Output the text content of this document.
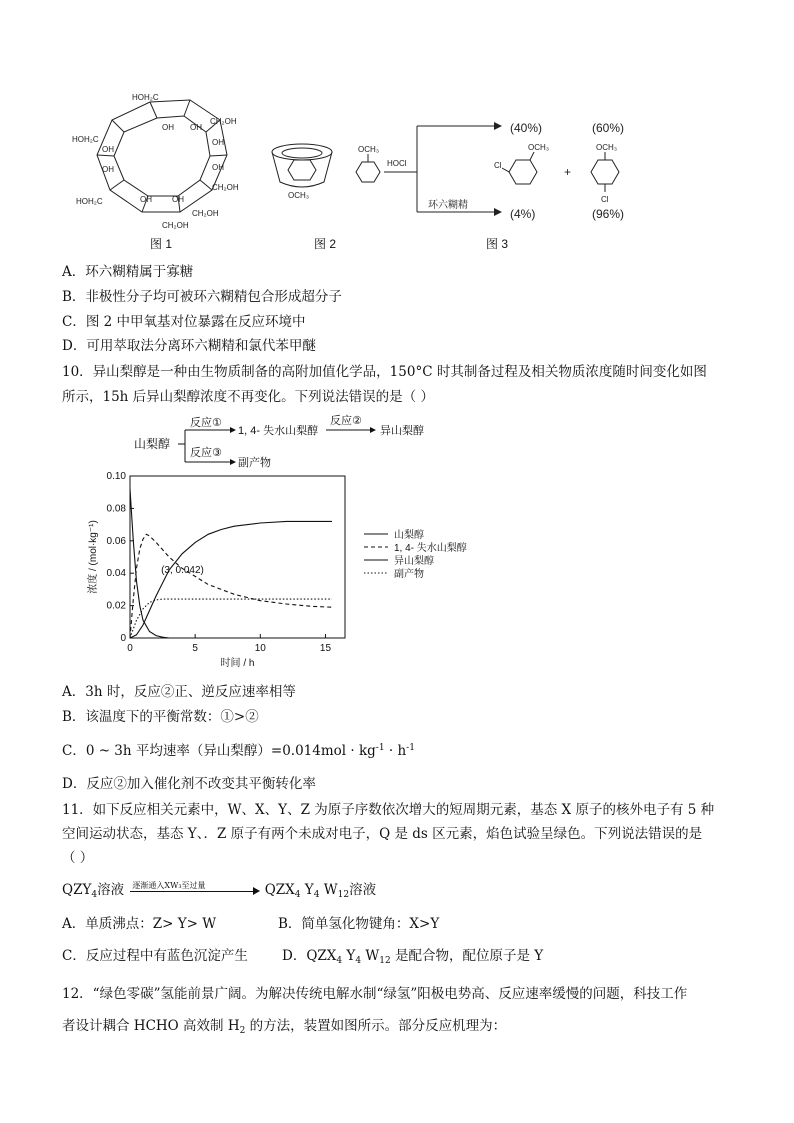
HOH₂C
OH OH
CH₂OH
OH
OH
HOH₂C
OH
OH
CH₂OH
HOH₂C	OH	OH
CH₂OH
CH₂OH
图 1
OCH₃
图 2
OCH₃
HOCl
环六糊精
(40%)	(60%)
(4%)	(96%)
OCH₃
Cl	+
OCH₃
Cl
图 3
A．环六糊精属于寡糖
B．非极性分子均可被环六糊精包合形成超分子
C．图 2 中甲氧基对位暴露在反应环境中
D．可用萃取法分离环六糊精和氯代苯甲醚
10．异山梨醇是一种由生物质制备的高附加值化学品，150°C 时其制备过程及相关物质浓度随时间变化如图
所示，15h 后异山梨醇浓度不再变化。下列说法错误的是（ ）
山梨醇
反应①
1, 4- 失水山梨醇
反应②
异山梨醇
反应③
副产物
0	5	10	15
0
0.02
0.04
0.06
0.08
0.10
山梨醇
1, 4- 失水山梨醇
异山梨醇
副产物
(3, 0.042)
时间 / h
浓度 / (mol·kg⁻¹)
A．3h 时，反应②正、逆反应速率相等
B．该温度下的平衡常数：①>②
C．0 ~ 3h 平均速率（异山梨醇）$=0.014mol \cdot kg^{-1} \cdot h^{-1}$
D．反应②加入催化剂不改变其平衡转化率
11．如下反应相关元素中，W、X、Y、Z 为原子序数依次增大的短周期元素，基态 X 原子的核外电子有 5 种
空间运动状态，基态 Y、．Z 原子有两个未成对电子，Q 是 ds 区元素，焰色试验呈绿色。下列说法错误的是
（ ）
$QZY_4$溶液 逐渐通入XW₃至过量	$QZX_4$ $Y_4$ $W_{12}$溶液
A．单质沸点：Z> Y> W	B．简单氢化物键角：X>Y
C．反应过程中有蓝色沉淀产生	D．$QZX_4$ $Y_4$ $W_{12}$ 是配合物，配位原子是 Y
12．“绿色零碳”氢能前景广阔。为解决传统电解水制“绿氢”阳极电势高、反应速率缓慢的问题，科技工作
者设计耦合 HCHO 高效制 $H_2$ 的方法，装置如图所示。部分反应机理为：
